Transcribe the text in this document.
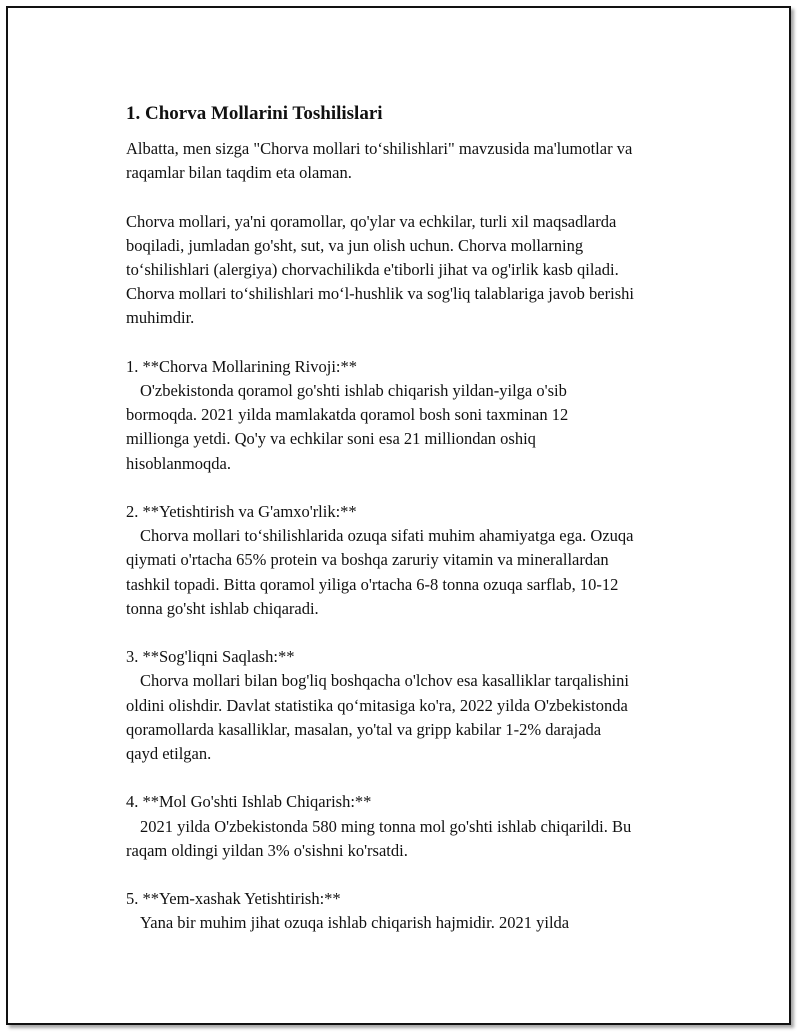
1. Chorva Mollarini Toshilislari

Albatta, men sizga "Chorva mollari to‘shilishlari" mavzusida ma'lumotlar va
raqamlar bilan taqdim eta olaman.

Chorva mollari, ya'ni qoramollar, qo'ylar va echkilar, turli xil maqsadlarda
boqiladi, jumladan go'sht, sut, va jun olish uchun. Chorva mollarning
to‘shilishlari (alergiya) chorvachilikda e'tiborli jihat va og'irlik kasb qiladi.
Chorva mollari to‘shilishlari mo‘l-hushlik va sog'liq talablariga javob berishi
muhimdir.

1. **Chorva Mollarining Rivoji:**

O'zbekistonda qoramol go'shti ishlab chiqarish yildan-yilga o'sib
bormoqda. 2021 yilda mamlakatda qoramol bosh soni taxminan 12
millionga yetdi. Qo'y va echkilar soni esa 21 milliondan oshiq
hisoblanmoqda.

2. **Yetishtirish va G'amxo'rlik:**

Chorva mollari to‘shilishlarida ozuqa sifati muhim ahamiyatga ega. Ozuqa
qiymati o'rtacha 65% protein va boshqa zaruriy vitamin va minerallardan
tashkil topadi. Bitta qoramol yiliga o'rtacha 6-8 tonna ozuqa sarflab, 10-12
tonna go'sht ishlab chiqaradi.

3. **Sog'liqni Saqlash:**

Chorva mollari bilan bog'liq boshqacha o'lchov esa kasalliklar tarqalishini
oldini olishdir. Davlat statistika qo‘mitasiga ko'ra, 2022 yilda O'zbekistonda
qoramollarda kasalliklar, masalan, yo'tal va gripp kabilar 1-2% darajada
qayd etilgan.

4. **Mol Go'shti Ishlab Chiqarish:**

2021 yilda O'zbekistonda 580 ming tonna mol go'shti ishlab chiqarildi. Bu
raqam oldingi yildan 3% o'sishni ko'rsatdi.

5. **Yem-xashak Yetishtirish:**

Yana bir muhim jihat ozuqa ishlab chiqarish hajmidir. 2021 yilda
